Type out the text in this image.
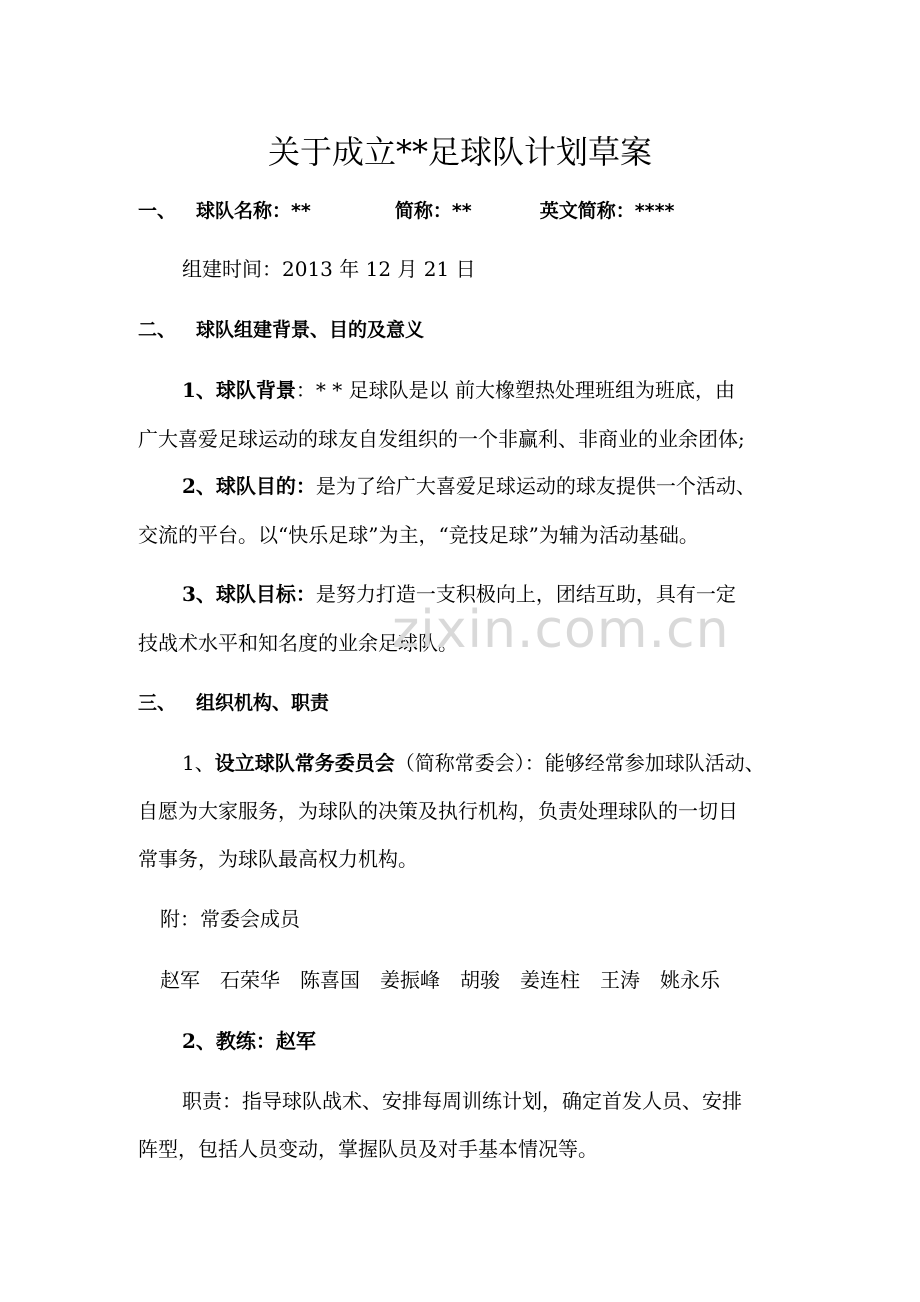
关于成立**足球队计划草案
一、 球队名称：**	简称：**	英文简称：****
组建时间：2013 年 12 月 21 日
二、 球队组建背景、目的及意义
1、球队背景：* * 足球队是以 前大橡塑热处理班组为班底，由
广大喜爱足球运动的球友自发组织的一个非赢利、非商业的业余团体;
2、球队目的：是为了给广大喜爱足球运动的球友提供一个活动、
交流的平台。以“快乐足球”为主，“竞技足球”为辅为活动基础。
3、球队目标：是努力打造一支积极向上，团结互助，具有一定
技战术水平和知名度的业余足球队。
三、 组织机构、职责
1、设立球队常务委员会（简称常委会）：能够经常参加球队活动、
自愿为大家服务，为球队的决策及执行机构，负责处理球队的一切日
常事务，为球队最高权力机构。
附：常委会成员
赵军 石荣华 陈喜国 姜振峰 胡骏 姜连柱 王涛 姚永乐
2、教练：赵军
职责：指导球队战术、安排每周训练计划，确定首发人员、安排
阵型，包括人员变动，掌握队员及对手基本情况等。
zixin.com.cn
